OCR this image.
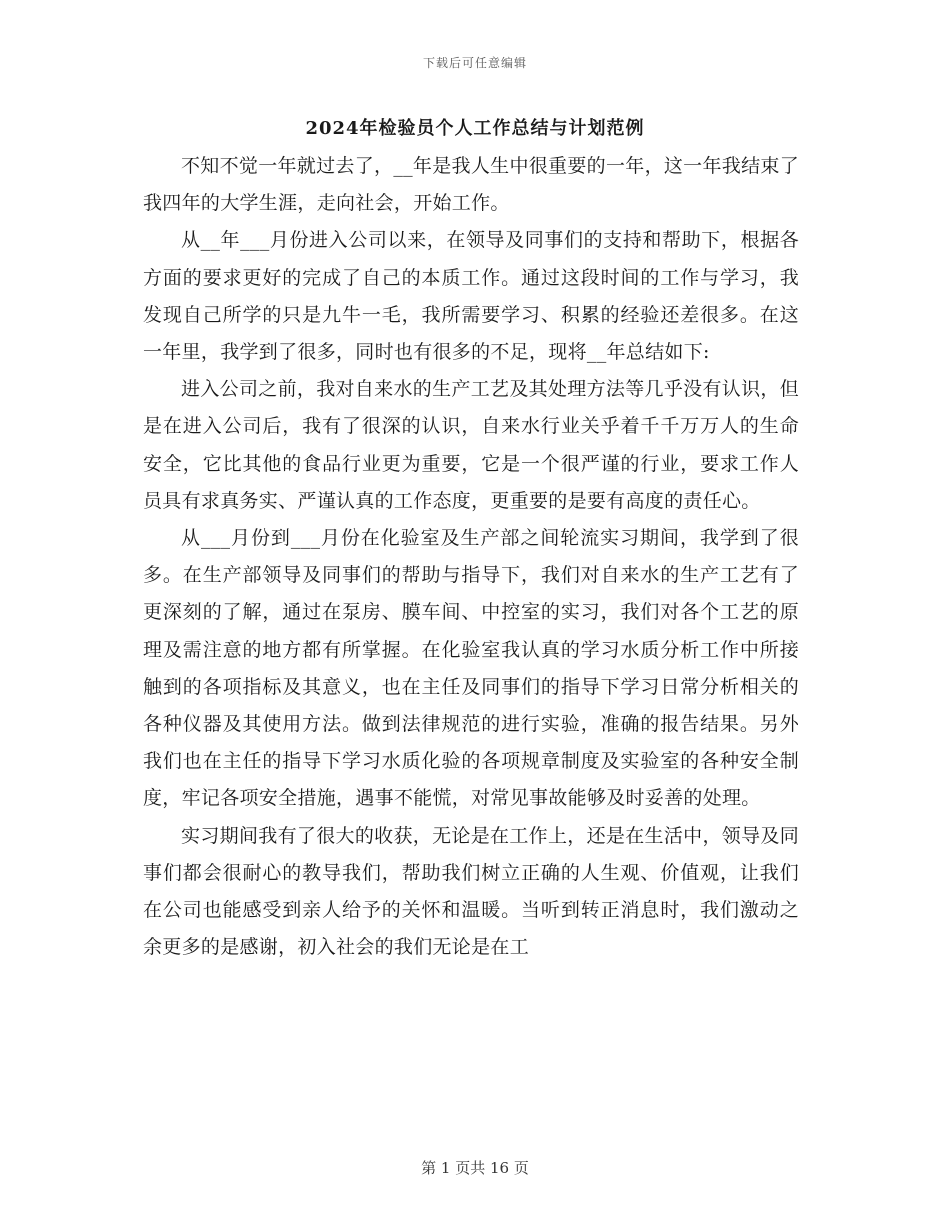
下载后可任意编辑
2024年检验员个人工作总结与计划范例

不知不觉一年就过去了，__年是我人生中很重要的一年，这一年我结束了我四年的大学生涯，走向社会，开始工作。

从__年___月份进入公司以来，在领导及同事们的支持和帮助下，根据各方面的要求更好的完成了自己的本质工作。通过这段时间的工作与学习，我发现自己所学的只是九牛一毛，我所需要学习、积累的经验还差很多。在这一年里，我学到了很多，同时也有很多的不足，现将__年总结如下:

进入公司之前，我对自来水的生产工艺及其处理方法等几乎没有认识，但是在进入公司后，我有了很深的认识，自来水行业关乎着千千万万人的生命安全，它比其他的食品行业更为重要，它是一个很严谨的行业，要求工作人员具有求真务实、严谨认真的工作态度，更重要的是要有高度的责任心。

从___月份到___月份在化验室及生产部之间轮流实习期间，我学到了很多。在生产部领导及同事们的帮助与指导下，我们对自来水的生产工艺有了更深刻的了解，通过在泵房、膜车间、中控室的实习，我们对各个工艺的原理及需注意的地方都有所掌握。在化验室我认真的学习水质分析工作中所接触到的各项指标及其意义，也在主任及同事们的指导下学习日常分析相关的各种仪器及其使用方法。做到法律规范的进行实验，准确的报告结果。另外我们也在主任的指导下学习水质化验的各项规章制度及实验室的各种安全制度，牢记各项安全措施，遇事不能慌，对常见事故能够及时妥善的处理。

实习期间我有了很大的收获，无论是在工作上，还是在生活中，领导及同事们都会很耐心的教导我们，帮助我们树立正确的人生观、价值观，让我们在公司也能感受到亲人给予的关怀和温暖。当听到转正消息时，我们激动之余更多的是感谢，初入社会的我们无论是在工

第 1 页共 16 页
